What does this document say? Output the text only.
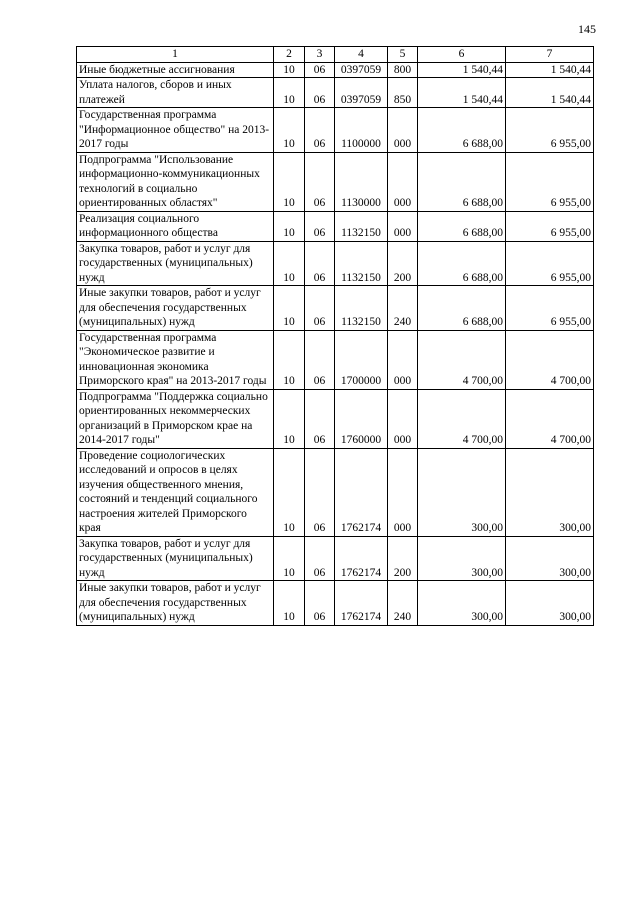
145
1	2	3	4	5	6	7
Иные бюджетные ассигнования	10	06	0397059	800	1 540,44	1 540,44
Уплата налогов, сборов и иных платежей	10	06	0397059	850	1 540,44	1 540,44
Государственная программа "Информационное общество" на 2013-2017 годы	10	06	1100000	000	6 688,00	6 955,00
Подпрограмма "Использование информационно-коммуникационных технологий в социально ориентированных областях"	10	06	1130000	000	6 688,00	6 955,00
Реализация социального информационного общества	10	06	1132150	000	6 688,00	6 955,00
Закупка товаров, работ и услуг для государственных (муниципальных) нужд	10	06	1132150	200	6 688,00	6 955,00
Иные закупки товаров, работ и услуг для обеспечения государственных (муниципальных) нужд	10	06	1132150	240	6 688,00	6 955,00
Государственная программа "Экономическое развитие и инновационная экономика Приморского края" на 2013-2017 годы	10	06	1700000	000	4 700,00	4 700,00
Подпрограмма "Поддержка социально ориентированных некоммерческих организаций в Приморском крае на 2014-2017 годы"	10	06	1760000	000	4 700,00	4 700,00
Проведение социологических исследований и опросов в целях изучения общественного мнения, состояний и тенденций социального настроения жителей Приморского края	10	06	1762174	000	300,00	300,00
Закупка товаров, работ и услуг для государственных (муниципальных) нужд	10	06	1762174	200	300,00	300,00
Иные закупки товаров, работ и услуг для обеспечения государственных (муниципальных) нужд	10	06	1762174	240	300,00	300,00
